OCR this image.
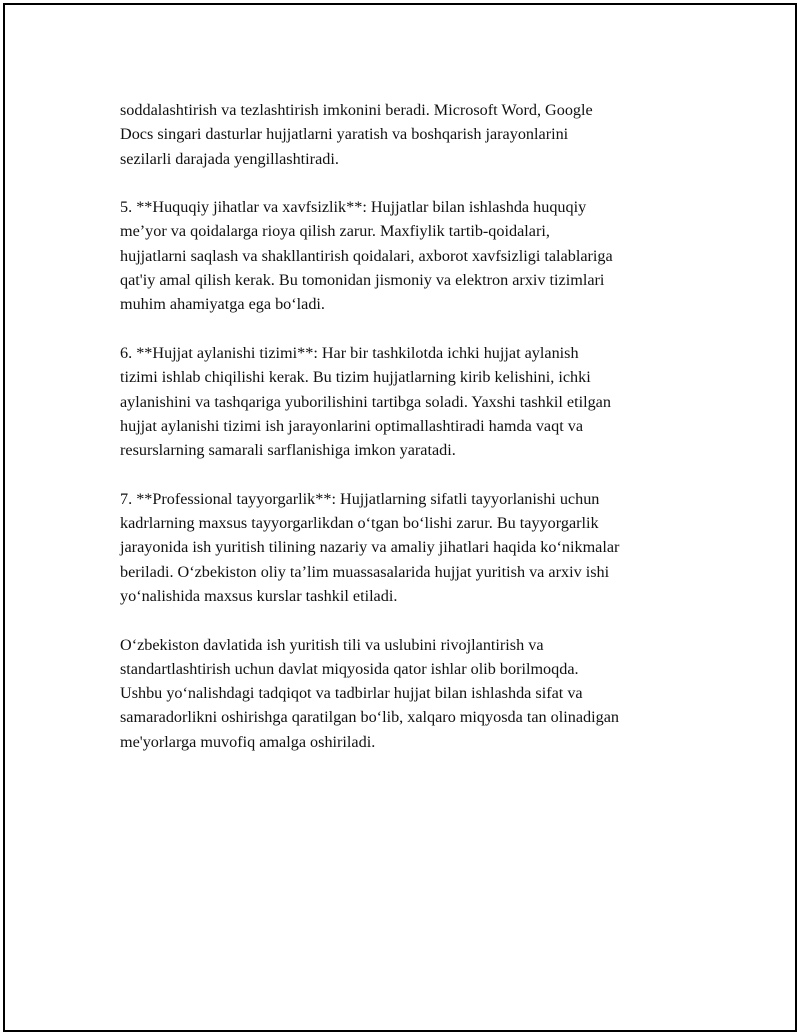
soddalashtirish va tezlashtirish imkonini beradi. Microsoft Word, Google
Docs singari dasturlar hujjatlarni yaratish va boshqarish jarayonlarini
sezilarli darajada yengillashtiradi.

5. **Huquqiy jihatlar va xavfsizlik**: Hujjatlar bilan ishlashda huquqiy
me’yor va qoidalarga rioya qilish zarur. Maxfiylik tartib-qoidalari,
hujjatlarni saqlash va shakllantirish qoidalari, axborot xavfsizligi talablariga
qat'iy amal qilish kerak. Bu tomonidan jismoniy va elektron arxiv tizimlari
muhim ahamiyatga ega boʻladi.

6. **Hujjat aylanishi tizimi**: Har bir tashkilotda ichki hujjat aylanish
tizimi ishlab chiqilishi kerak. Bu tizim hujjatlarning kirib kelishini, ichki
aylanishini va tashqariga yuborilishini tartibga soladi. Yaxshi tashkil etilgan
hujjat aylanishi tizimi ish jarayonlarini optimallashtiradi hamda vaqt va
resurslarning samarali sarflanishiga imkon yaratadi.

7. **Professional tayyorgarlik**: Hujjatlarning sifatli tayyorlanishi uchun
kadrlarning maxsus tayyorgarlikdan oʻtgan boʻlishi zarur. Bu tayyorgarlik
jarayonida ish yuritish tilining nazariy va amaliy jihatlari haqida koʻnikmalar
beriladi. Oʻzbekiston oliy ta’lim muassasalarida hujjat yuritish va arxiv ishi
yoʻnalishida maxsus kurslar tashkil etiladi.

Oʻzbekiston davlatida ish yuritish tili va uslubini rivojlantirish va
standartlashtirish uchun davlat miqyosida qator ishlar olib borilmoqda.
Ushbu yoʻnalishdagi tadqiqot va tadbirlar hujjat bilan ishlashda sifat va
samaradorlikni oshirishga qaratilgan boʻlib, xalqaro miqyosda tan olinadigan
me'yorlarga muvofiq amalga oshiriladi.
